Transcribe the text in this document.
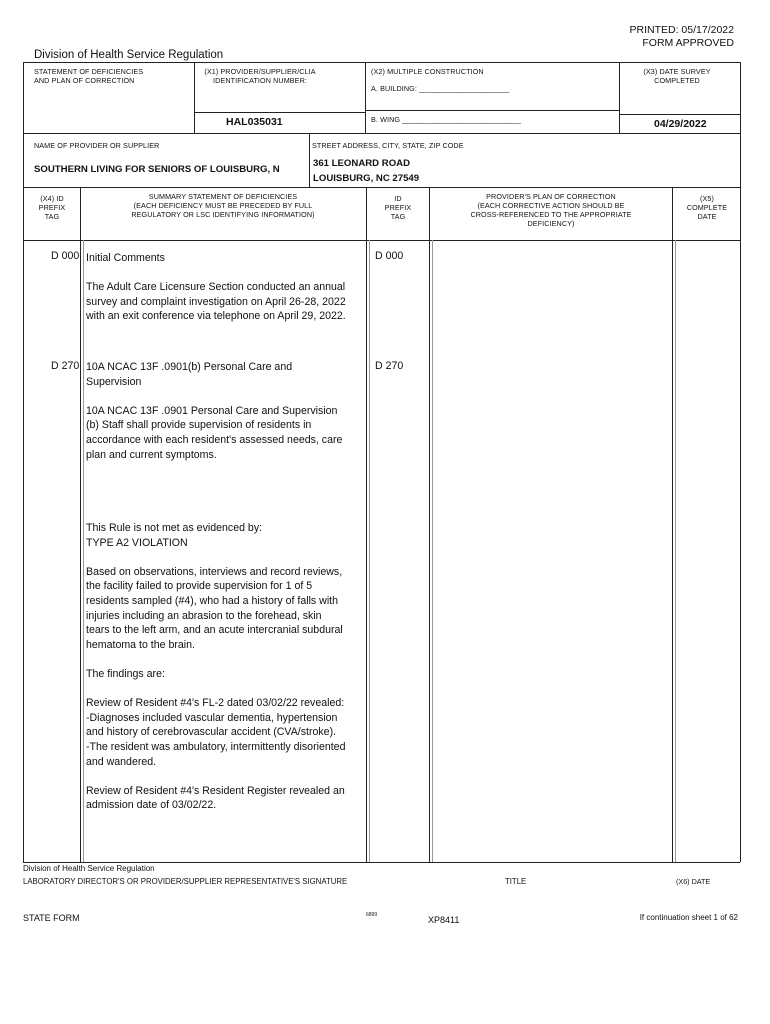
PRINTED: 05/17/2022
FORM APPROVED
Division of Health Service Regulation
STATEMENT OF DEFICIENCIES
AND PLAN OF CORRECTION
(X1) PROVIDER/SUPPLIER/CLIA
IDENTIFICATION NUMBER:
HAL035031
(X2) MULTIPLE CONSTRUCTION
A. BUILDING: ______________________
B. WING _____________________________
(X3) DATE SURVEY
COMPLETED
04/29/2022
NAME OF PROVIDER OR SUPPLIER
SOUTHERN LIVING FOR SENIORS OF LOUISBURG, N
STREET ADDRESS, CITY, STATE, ZIP CODE
361 LEONARD ROAD
LOUISBURG, NC 27549
(X4) ID
PREFIX
TAG
SUMMARY STATEMENT OF DEFICIENCIES
(EACH DEFICIENCY MUST BE PRECEDED BY FULL
REGULATORY OR LSC IDENTIFYING INFORMATION)
ID
PREFIX
TAG
PROVIDER'S PLAN OF CORRECTION
(EACH CORRECTIVE ACTION SHOULD BE
CROSS-REFERENCED TO THE APPROPRIATE
DEFICIENCY)
(X5)
COMPLETE
DATE
D 000	D 000

Initial Comments

The Adult Care Licensure Section conducted an annual survey and complaint investigation on April 26-28, 2022 with an exit conference via telephone on April 29, 2022.

D 270	D 270

10A NCAC 13F .0901(b) Personal Care and Supervision

10A NCAC 13F .0901 Personal Care and Supervision
(b) Staff shall provide supervision of residents in accordance with each resident's assessed needs, care plan and current symptoms.

This Rule is not met as evidenced by:
TYPE A2 VIOLATION

Based on observations, interviews and record reviews, the facility failed to provide supervision for 1 of 5 residents sampled (#4), who had a history of falls with injuries including an abrasion to the forehead, skin tears to the left arm, and an acute intercranial subdural hematoma to the brain.

The findings are:

Review of Resident #4's FL-2 dated 03/02/22 revealed:
-Diagnoses included vascular dementia, hypertension and history of cerebrovascular accident (CVA/stroke).
-The resident was ambulatory, intermittently disoriented and wandered.

Review of Resident #4's Resident Register revealed an admission date of 03/02/22.

Division of Health Service Regulation
LABORATORY DIRECTOR'S OR PROVIDER/SUPPLIER REPRESENTATIVE'S SIGNATURE	TITLE	(X6) DATE
STATE FORM	6899	XP8411	If continuation sheet 1 of 62
